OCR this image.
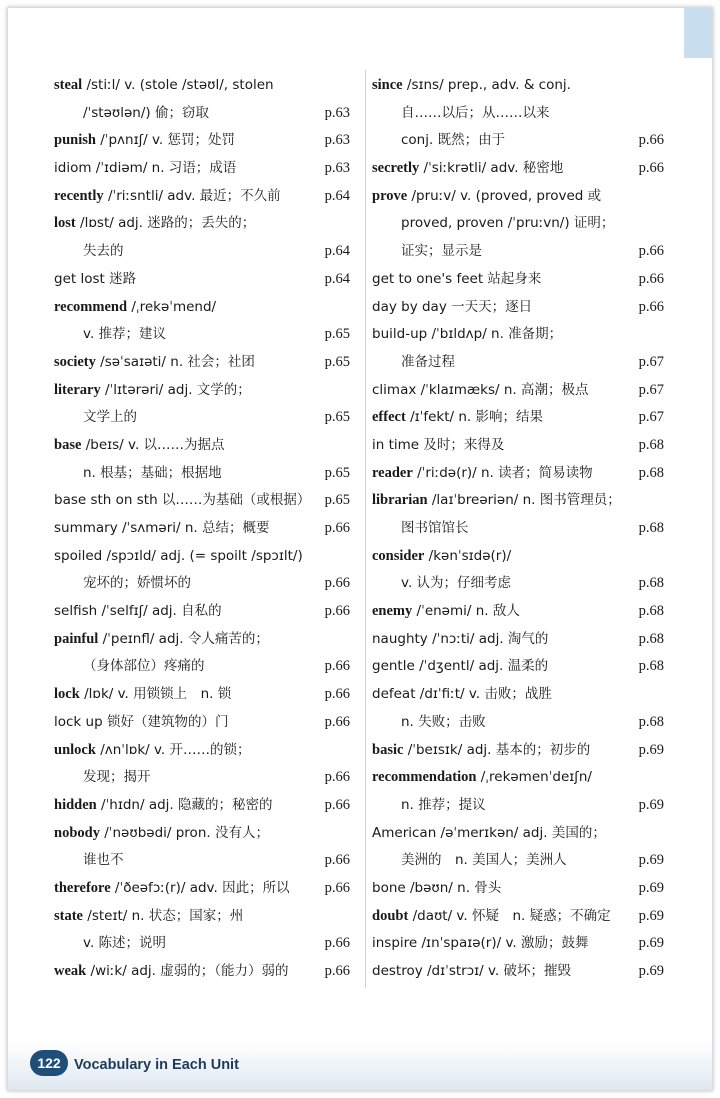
steal /stiːl/ v. (stole /stəʊl/, stolen
/ˈstəʊlən/) 偷；窃取	p.63
punish /ˈpʌnɪʃ/ v. 惩罚；处罚	p.63
idiom /ˈɪdiəm/ n. 习语；成语	p.63
recently /ˈriːsntli/ adv. 最近；不久前	p.64
lost /lɒst/ adj. 迷路的；丢失的；
失去的	p.64
get lost 迷路	p.64
recommend /ˌrekəˈmend/
v. 推荐；建议	p.65
society /səˈsaɪəti/ n. 社会；社团	p.65
literary /ˈlɪtərəri/ adj. 文学的；
文学上的	p.65
base /beɪs/ v. 以……为据点
n. 根基；基础；根据地	p.65
base sth on sth 以……为基础（或根据） p.65
summary /ˈsʌməri/ n. 总结；概要	p.66
spoiled /spɔɪld/ adj. (= spoilt /spɔɪlt/)
宠坏的；娇惯坏的	p.66
selfish /ˈselfɪʃ/ adj. 自私的	p.66
painful /ˈpeɪnfl/ adj. 令人痛苦的；
（身体部位）疼痛的	p.66
lock /lɒk/ v. 用锁锁上　n. 锁	p.66
lock up 锁好（建筑物的）门	p.66
unlock /ʌnˈlɒk/ v. 开……的锁；
发现；揭开	p.66
hidden /ˈhɪdn/ adj. 隐藏的；秘密的	p.66
nobody /ˈnəʊbədi/ pron. 没有人；
谁也不	p.66
therefore /ˈðeəfɔː(r)/ adv. 因此；所以 p.66
state /steɪt/ n. 状态；国家；州
v. 陈述；说明	p.66
weak /wiːk/ adj. 虚弱的；（能力）弱的 p.66
since /sɪns/ prep., adv. & conj.
自……以后；从……以来
conj. 既然；由于	p.66
secretly /ˈsiːkrətli/ adv. 秘密地	p.66
prove /pruːv/ v. (proved, proved 或
proved, proven /ˈpruːvn/) 证明；
证实；显示是	p.66
get to one's feet 站起身来	p.66
day by day 一天天；逐日	p.66
build-up /ˈbɪldʌp/ n. 准备期；
准备过程	p.67
climax /ˈklaɪmæks/ n. 高潮；极点	p.67
effect /ɪˈfekt/ n. 影响；结果	p.67
in time 及时；来得及	p.68
reader /ˈriːdə(r)/ n. 读者；简易读物	p.68
librarian /laɪˈbreəriən/ n. 图书管理员；
图书馆馆长	p.68
consider /kənˈsɪdə(r)/
v. 认为；仔细考虑	p.68
enemy /ˈenəmi/ n. 敌人	p.68
naughty /ˈnɔːti/ adj. 淘气的	p.68
gentle /ˈdʒentl/ adj. 温柔的	p.68
defeat /dɪˈfiːt/ v. 击败；战胜
n. 失败；击败	p.68
basic /ˈbeɪsɪk/ adj. 基本的；初步的	p.69
recommendation /ˌrekəmenˈdeɪʃn/
n. 推荐；提议	p.69
American /əˈmerɪkən/ adj. 美国的；
美洲的　n. 美国人；美洲人	p.69
bone /bəʊn/ n. 骨头	p.69
doubt /daʊt/ v. 怀疑　n. 疑惑；不确定 p.69
inspire /ɪnˈspaɪə(r)/ v. 激励；鼓舞	p.69
destroy /dɪˈstrɔɪ/ v. 破坏；摧毁	p.69
122 Vocabulary in Each Unit
